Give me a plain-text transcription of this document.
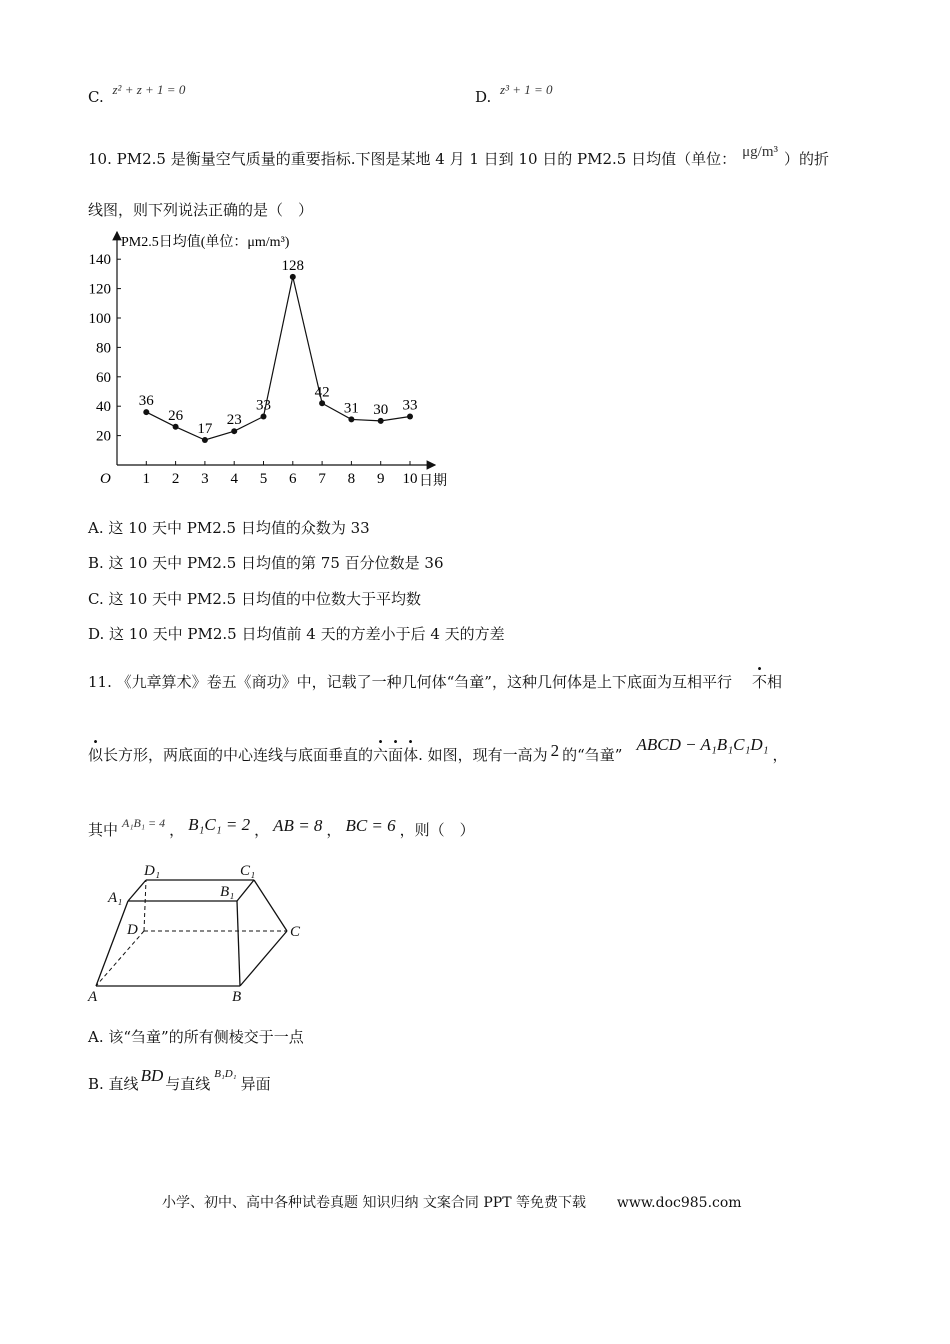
C. z² + z + 1 = 0	D. z³ + 1 = 0
10. PM2.5 是衡量空气质量的重要指标.下图是某地 4 月 1 日到 10 日的 PM2.5 日均值（单位： μg/m³ ）的折
线图，则下列说法正确的是（　）
PM2.5日均值(单位：μm/m³)
日期
O 1 2 3 4 5 6 7 8 9 10
20
40
60
80
100
120
140
36
26
17
23
33
128
42
31 30 33
A. 这 10 天中 PM2.5 日均值的众数为 33
B. 这 10 天中 PM2.5 日均值的第 75 百分位数是 36
C. 这 10 天中 PM2.5 日均值的中位数大于平均数
D. 这 10 天中 PM2.5 日均值前 4 天的方差小于后 4 天的方差
11. 《九章算术》卷五《商功》中，记载了一种几何体“刍童”，这种几何体是上下底面为互相平行 不相
似长方形，两底面的中心连线与底面垂直的六面体. 如图，现有一高为 2 的“刍童”ABCD − A₁B₁C₁D₁，
其中 $^{A_1B_1 = 4}$ ， B₁C₁ = 2 ， AB = 8 ， BC = 6 ，则（　）
D₁	C₁
A₁	B₁
D	C
A	B
A. 该“刍童”的所有侧棱交于一点
B. 直线 BD 与直线$^{B_1D_1}$异面
小学、初中、高中各种试卷真题 知识归纳 文案合同 PPT 等免费下载 www.doc985.com
